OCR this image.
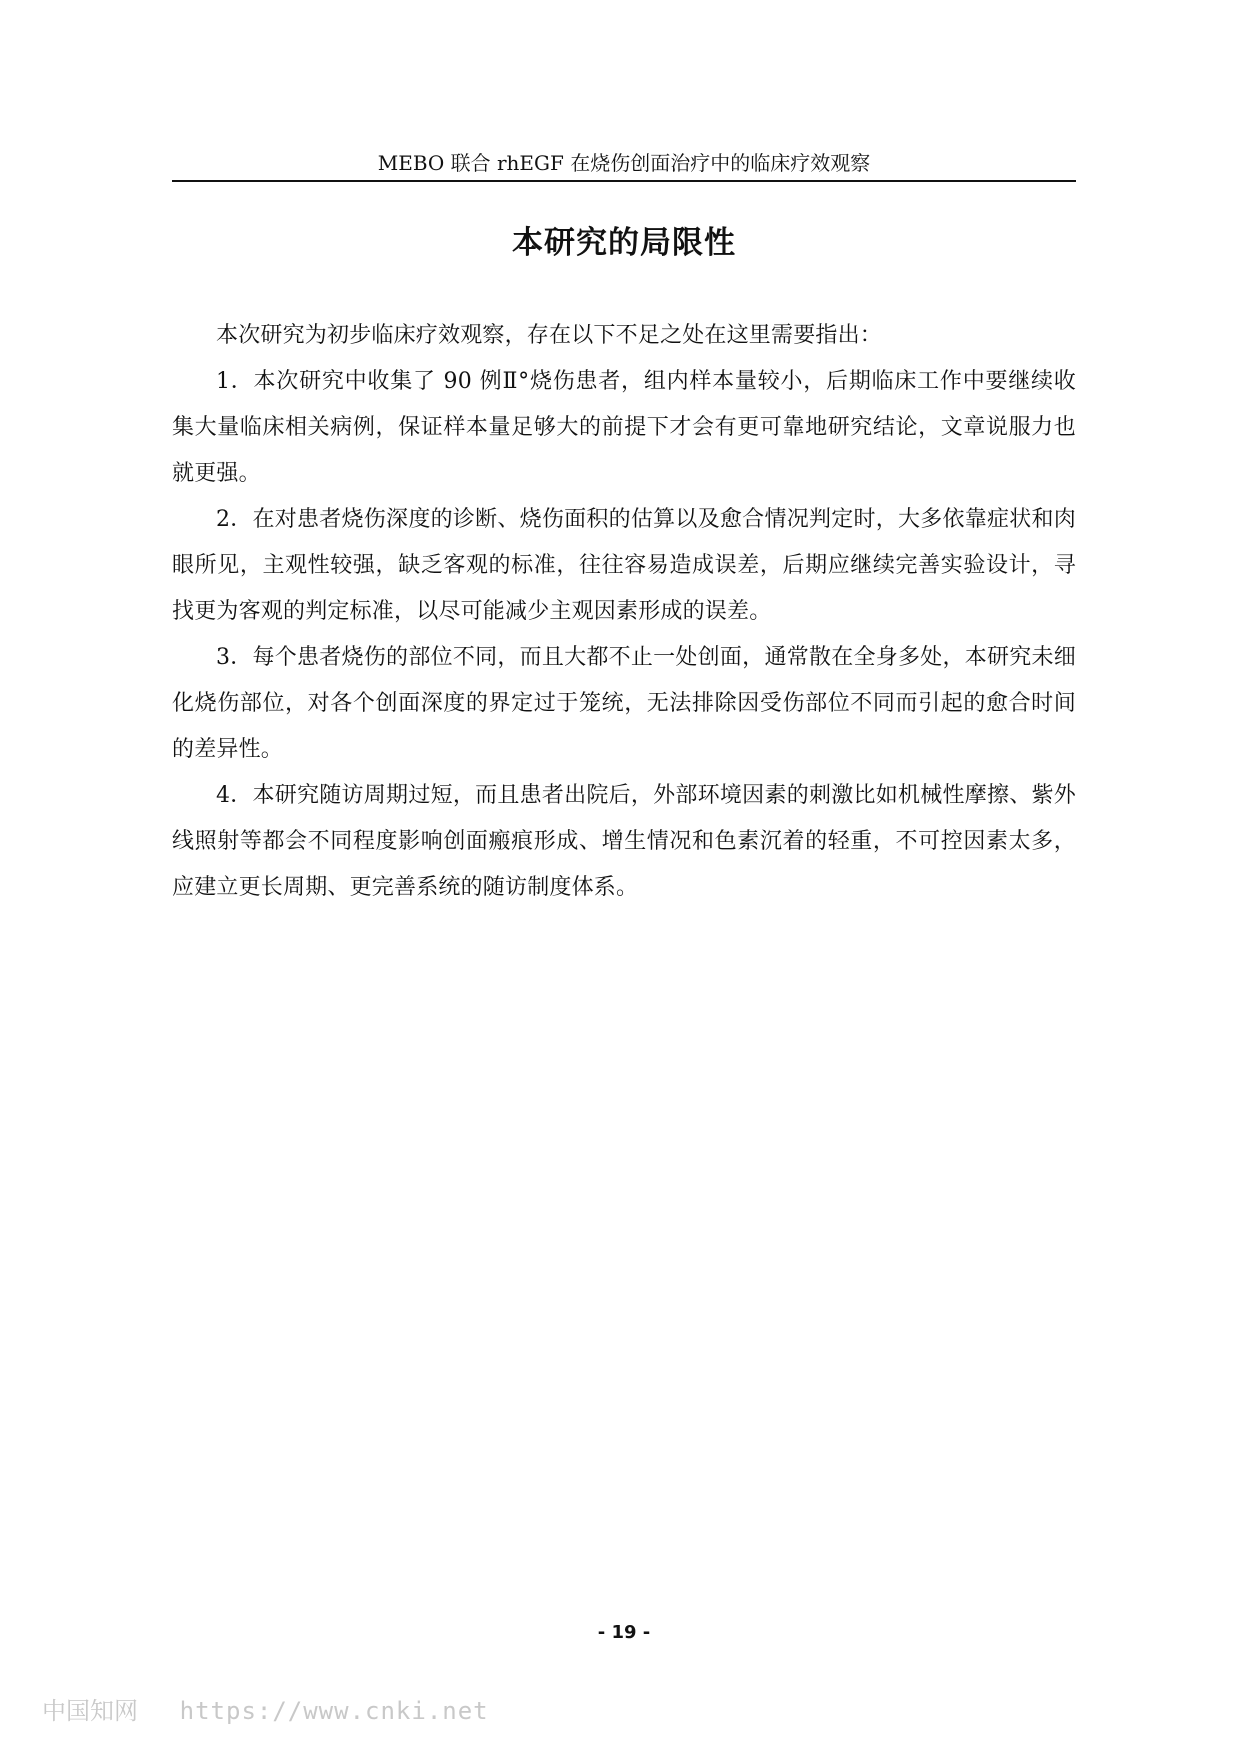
MEBO 联合 rhEGF 在烧伤创面治疗中的临床疗效观察
本研究的局限性

本次研究为初步临床疗效观察，存在以下不足之处在这里需要指出：

1．本次研究中收集了 90 例Ⅱ°烧伤患者，组内样本量较小，后期临床工作中要继续收集大量临床相关病例，保证样本量足够大的前提下才会有更可靠地研究结论，文章说服力也就更强。

2．在对患者烧伤深度的诊断、烧伤面积的估算以及愈合情况判定时，大多依靠症状和肉眼所见，主观性较强，缺乏客观的标准，往往容易造成误差，后期应继续完善实验设计，寻找更为客观的判定标准，以尽可能减少主观因素形成的误差。

3．每个患者烧伤的部位不同，而且大都不止一处创面，通常散在全身多处，本研究未细化烧伤部位，对各个创面深度的界定过于笼统，无法排除因受伤部位不同而引起的愈合时间的差异性。

4．本研究随访周期过短，而且患者出院后，外部环境因素的刺激比如机械性摩擦、紫外线照射等都会不同程度影响创面瘢痕形成、增生情况和色素沉着的轻重，不可控因素太多，应建立更长周期、更完善系统的随访制度体系。

- 19 -
中国知网 https://www.cnki.net
